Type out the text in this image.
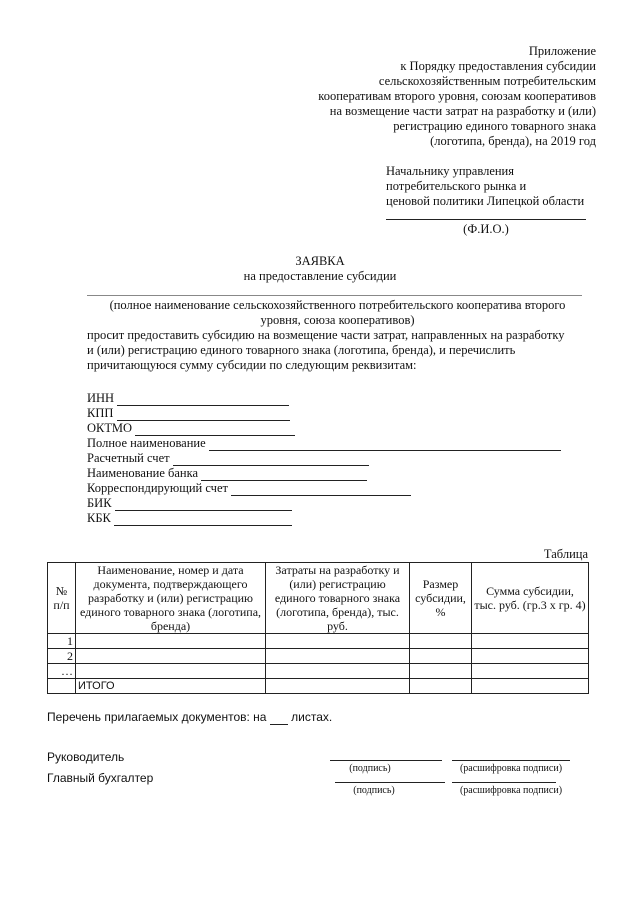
Приложение
к Порядку предоставления субсидии
сельскохозяйственным потребительским
кооперативам второго уровня, союзам кооперативов
на возмещение части затрат на разработку и (или)
регистрацию единого товарного знака
(логотипа, бренда), на 2019 год
Начальнику управления
потребительского рынка и
ценовой политики Липецкой области
(Ф.И.О.)
ЗАЯВКА
на предоставление субсидии
(полное наименование сельскохозяйственного потребительского кооператива второго
уровня, союза кооперативов)
просит предоставить субсидию на возмещение части затрат, направленных на разработку
и (или) регистрацию единого товарного знака (логотипа, бренда), и перечислить
причитающуюся сумму субсидии по следующим реквизитам:
ИНН
КПП
ОКТМО
Полное наименование
Расчетный счет
Наименование банка
Корреспондирующий счет
БИК
КБК
Таблица
№ п/п	Наименование, номер и дата документа, подтверждающего разработку и (или) регистрацию единого товарного знака (логотипа, бренда)	Затраты на разработку и (или) регистрацию единого товарного знака (логотипа, бренда), тыс. руб.	Размер субсидии, %	Сумма субсидии, тыс. руб. (гр.3 х гр. 4)
1				
2				
…				
	ИТОГО			
Перечень прилагаемых документов: на листах.
Руководитель
(подпись)	(расшифровка подписи)
Главный бухгалтер
(подпись)	(расшифровка подписи)
